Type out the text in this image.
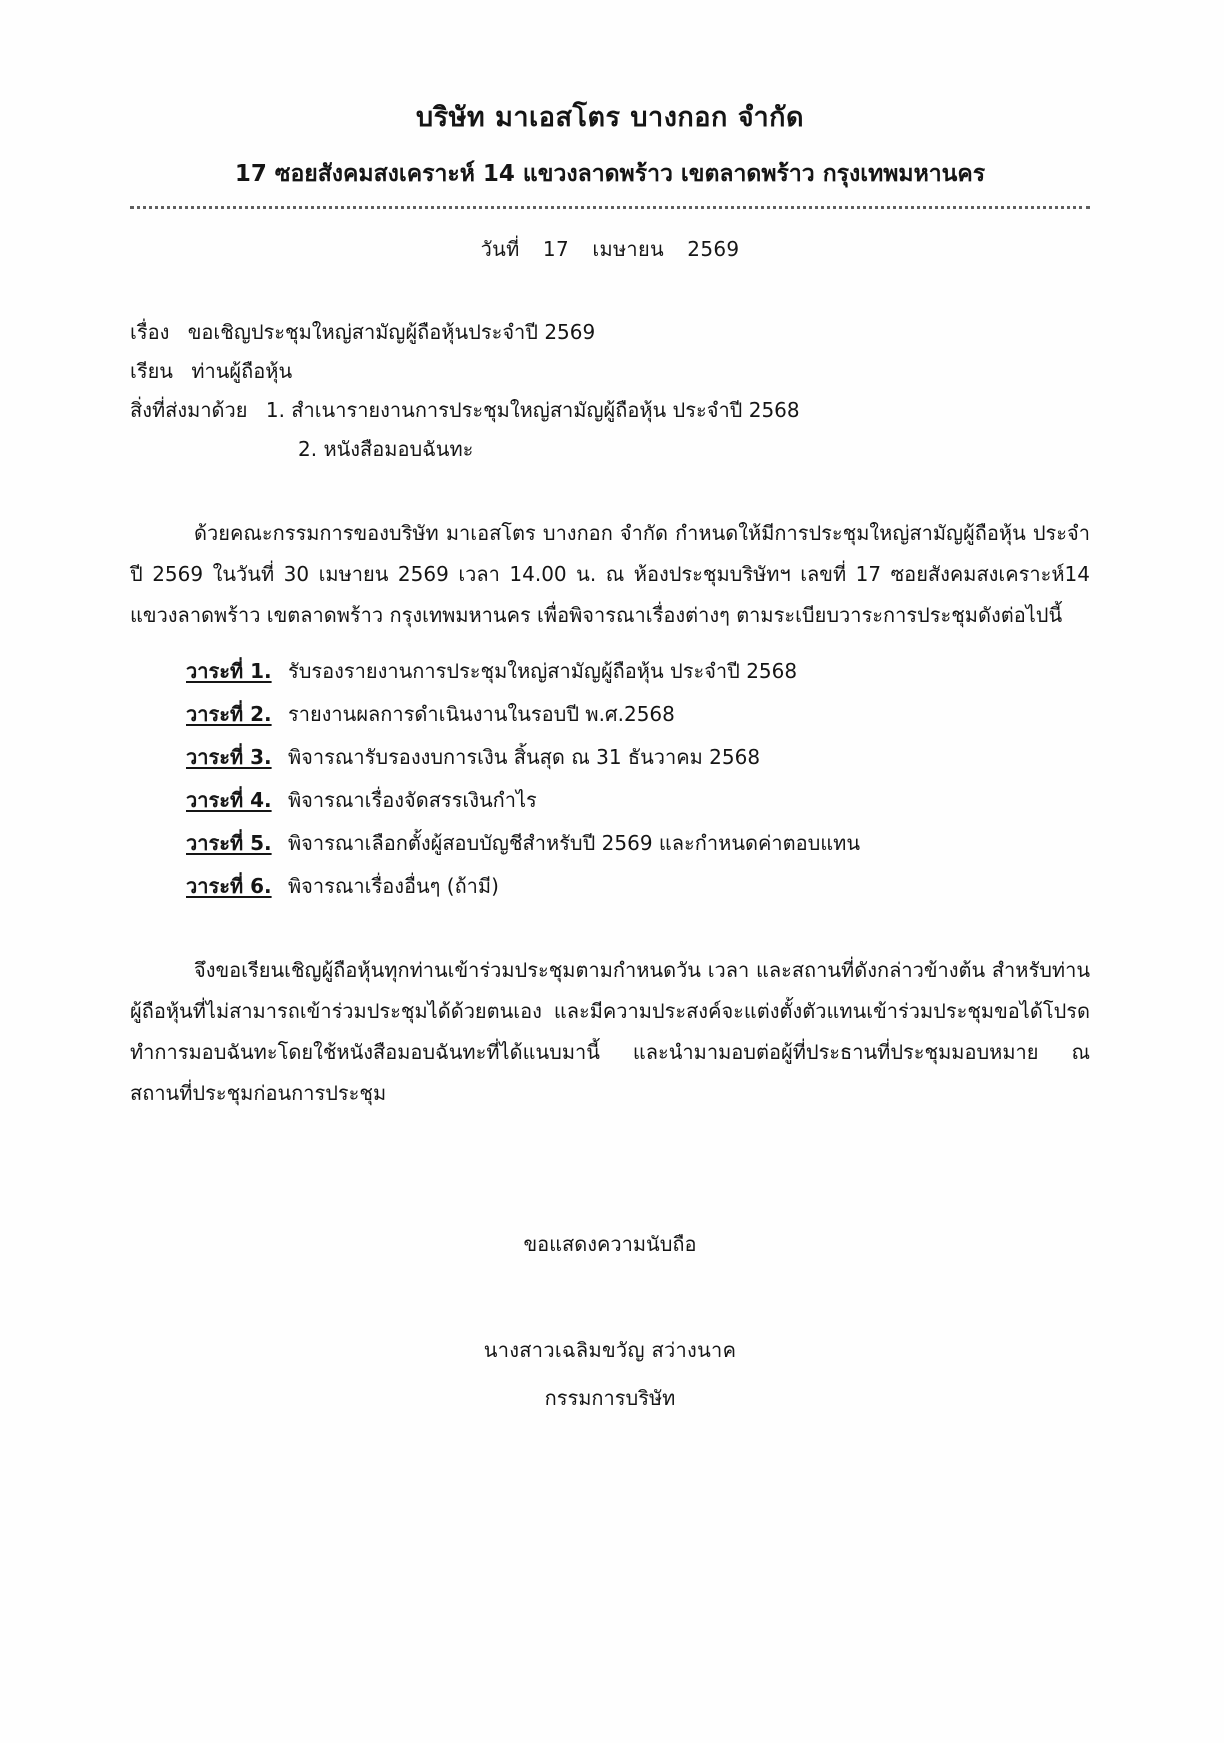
บริษัท มาเอสโตร บางกอก จำกัด
17 ซอยสังคมสงเคราะห์ 14 แขวงลาดพร้าว เขตลาดพร้าว กรุงเทพมหานคร
วันที่ 17 เมษายน 2569
เรื่อง ขอเชิญประชุมใหญ่สามัญผู้ถือหุ้นประจำปี 2569
เรียน ท่านผู้ถือหุ้น
สิ่งที่ส่งมาด้วย 1. สำเนารายงานการประชุมใหญ่สามัญผู้ถือหุ้น ประจำปี 2568
2. หนังสือมอบฉันทะ

ด้วยคณะกรรมการของบริษัท มาเอสโตร บางกอก จำกัด กำหนดให้มีการประชุมใหญ่สามัญผู้ถือหุ้น ประจำปี 2569 ในวันที่ 30 เมษายน 2569 เวลา 14.00 น. ณ ห้องประชุมบริษัทฯ เลขที่ 17 ซอยสังคมสงเคราะห์14 แขวงลาดพร้าว เขตลาดพร้าว กรุงเทพมหานคร เพื่อพิจารณาเรื่องต่างๆ ตามระเบียบวาระการประชุมดังต่อไปนี้

วาระที่ 1. รับรองรายงานการประชุมใหญ่สามัญผู้ถือหุ้น ประจำปี 2568
วาระที่ 2. รายงานผลการดำเนินงานในรอบปี พ.ศ.2568
วาระที่ 3. พิจารณารับรองงบการเงิน สิ้นสุด ณ 31 ธันวาคม 2568
วาระที่ 4. พิจารณาเรื่องจัดสรรเงินกำไร
วาระที่ 5. พิจารณาเลือกตั้งผู้สอบบัญชีสำหรับปี 2569 และกำหนดค่าตอบแทน
วาระที่ 6. พิจารณาเรื่องอื่นๆ (ถ้ามี)

จึงขอเรียนเชิญผู้ถือหุ้นทุกท่านเข้าร่วมประชุมตามกำหนดวัน เวลา และสถานที่ดังกล่าวข้างต้น สำหรับท่านผู้ถือหุ้นที่ไม่สามารถเข้าร่วมประชุมได้ด้วยตนเอง และมีความประสงค์จะแต่งตั้งตัวแทนเข้าร่วมประชุมขอได้โปรดทำการมอบฉันทะโดยใช้หนังสือมอบฉันทะที่ได้แนบมานี้ และนำมามอบต่อผู้ที่ประธานที่ประชุมมอบหมาย ณ สถานที่ประชุมก่อนการประชุม

ขอแสดงความนับถือ
นางสาวเฉลิมขวัญ สว่างนาค
กรรมการบริษัท
